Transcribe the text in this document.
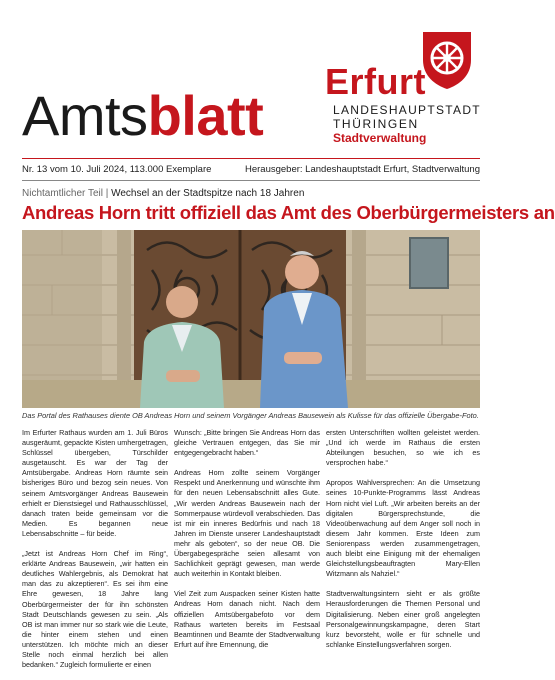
Amtsblatt
Erfurt
LANDESHAUPTSTADT
THÜRINGEN
Stadtverwaltung
Nr. 13 vom 10. Juli 2024, 113.000 Exemplare	Herausgeber: Landeshauptstadt Erfurt, Stadtverwaltung
Nichtamtlicher Teil | Wechsel an der Stadtspitze nach 18 Jahren
Andreas Horn tritt offiziell das Amt des Oberbürgermeisters an
Das Portal des Rathauses diente OB Andreas Horn und seinem Vorgänger Andreas Bausewein als Kulisse für das offizielle Übergabe-Foto.

Im Erfurter Rathaus wurden am 1. Juli Büros ausgeräumt, gepackte Kisten umhergetragen, Schlüssel übergeben, Türschilder ausgetauscht. Es war der Tag der Amtsübergabe. Andreas Horn räumte sein bisheriges Büro und bezog sein neues. Von seinem Amtsvorgänger Andreas Bausewein erhielt er Dienstsiegel und Rathausschlüssel, danach traten beide gemeinsam vor die Medien. Es begannen neue Lebensabschnitte – für beide.

„Jetzt ist Andreas Horn Chef im Ring“, erklärte Andreas Bausewein, „wir hatten ein deutliches Wahlergebnis, als Demokrat hat man das zu akzeptieren“. Es sei ihm eine Ehre gewesen, 18 Jahre lang Oberbürgermeister der für ihn schönsten Stadt Deutschlands gewesen zu sein. „Als OB ist man immer nur so stark wie die Leute, die hinter einem stehen und einen unterstützen. Ich möchte mich an dieser Stelle noch einmal herzlich bei allen bedanken.“ Zugleich formulierte er einen

Wunsch: „Bitte bringen Sie Andreas Horn das gleiche Vertrauen entgegen, das Sie mir entgegengebracht haben.“

Andreas Horn zollte seinem Vorgänger Respekt und Anerkennung und wünschte ihm für den neuen Lebensabschnitt alles Gute. „Wir werden Andreas Bausewein nach der Sommerpause würdevoll verabschieden. Das ist mir ein inneres Bedürfnis und nach 18 Jahren im Dienste unserer Landeshauptstadt mehr als geboten“, so der neue OB. Die Übergabegespräche seien allesamt von Sachlichkeit geprägt gewesen, man werde auch weiterhin in Kontakt bleiben.

Viel Zeit zum Auspacken seiner Kisten hatte Andreas Horn danach nicht. Nach dem offiziellen Amtsübergabefoto vor dem Rathaus warteten bereits im Festsaal Beamtinnen und Beamte der Stadtverwaltung Erfurt auf ihre Ernennung, die

ersten Unterschriften wollten geleistet werden. „Und ich werde im Rathaus die ersten Abteilungen besuchen, so wie ich es versprochen habe.“

Apropos Wahlversprechen: An die Umsetzung seines 10-Punkte-Programms lässt Andreas Horn nicht viel Luft. „Wir arbeiten bereits an der digitalen Bürgersprechstunde, die Videoüberwachung auf dem Anger soll noch in diesem Jahr kommen. Erste Ideen zum Seniorenpass werden zusammengetragen, auch bleibt eine Einigung mit der ehemaligen Gleichstellungsbeauftragten Mary-Ellen Witzmann als Nahziel.“

Stadtverwaltungsintern sieht er als größte Herausforderungen die Themen Personal und Digitalisierung. Neben einer groß angelegten Personalgewinnungskampagne, deren Start kurz bevorsteht, wolle er für schnelle und schlanke Einstellungsverfahren sorgen.
